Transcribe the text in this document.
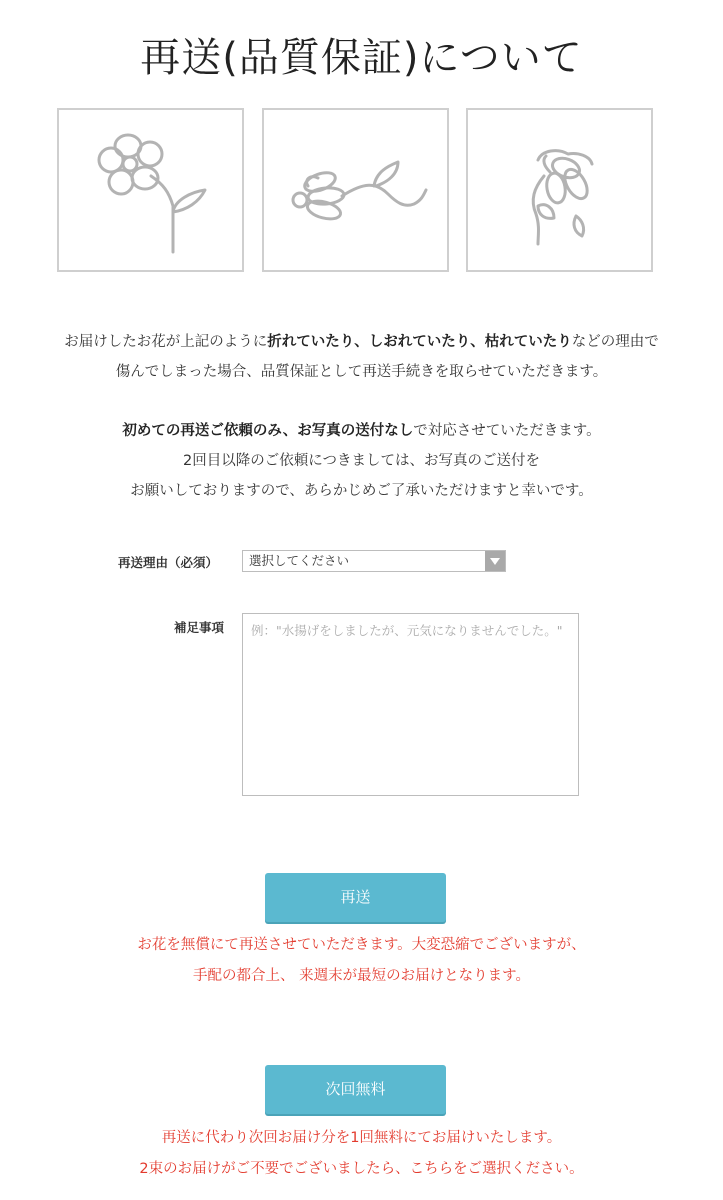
再送(品質保証)について
お届けしたお花が上記のように折れていたり、しおれていたり、枯れていたりなどの理由で
傷んでしまった場合、品質保証として再送手続きを取らせていただきます。
初めての再送ご依頼のみ、お写真の送付なしで対応させていただきます。
2回目以降のご依頼につきましては、お写真のご送付を
お願いしておりますので、あらかじめご了承いただけますと幸いです。
再送理由（必須）	選択してください
補足事項
例："水揚げをしましたが、元気になりませんでした。"
再送
お花を無償にて再送させていただきます。大変恐縮でございますが、
手配の都合上、 来週末が最短のお届けとなります。
次回無料
再送に代わり次回お届け分を1回無料にてお届けいたします。
2束のお届けがご不要でございましたら、こちらをご選択ください。
